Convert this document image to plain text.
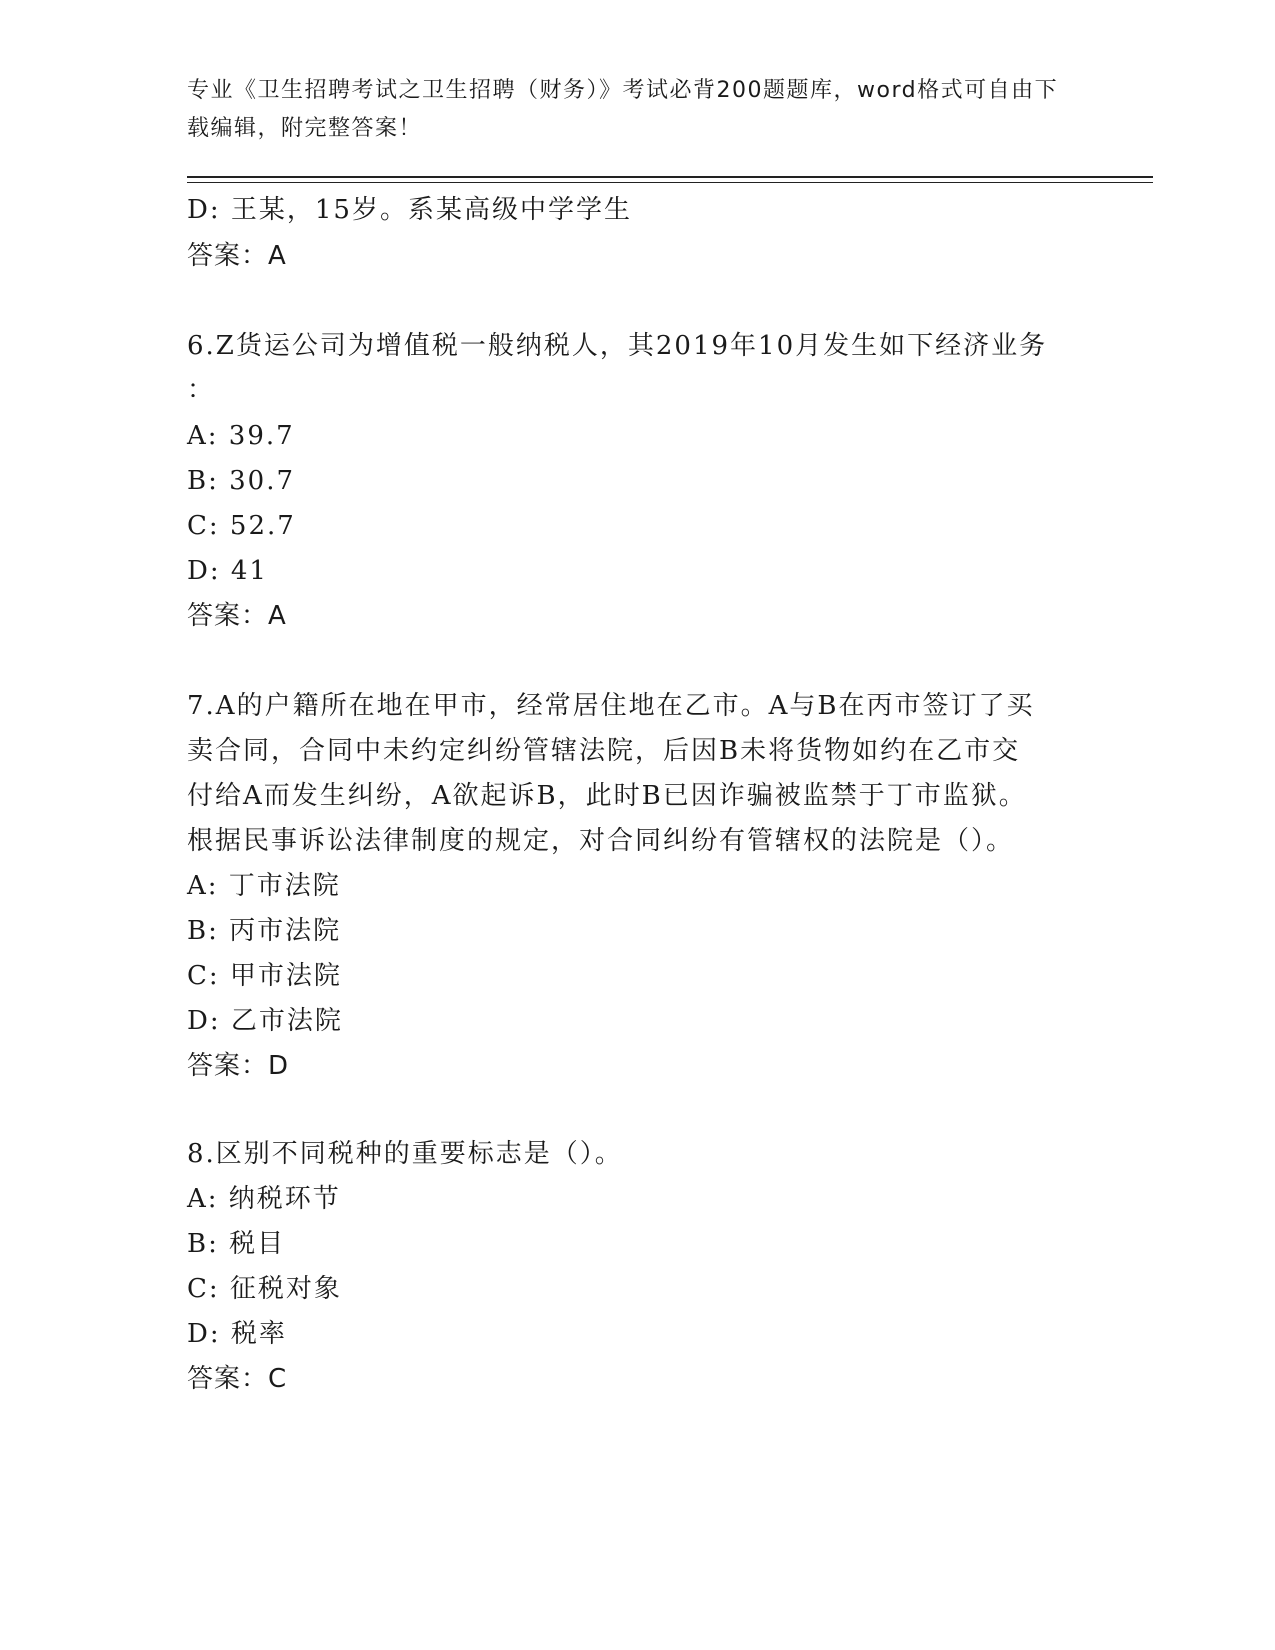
专业《卫生招聘考试之卫生招聘（财务）》考试必背200题题库，word格式可自由下载编辑，附完整答案！
D: 王某，15岁。系某高级中学学生
答案：A
6.Z货运公司为增值税一般纳税人，其2019年10月发生如下经济业务
：
A: 39.7
B: 30.7
C: 52.7
D: 41
答案：A
7.A的户籍所在地在甲市，经常居住地在乙市。A与B在丙市签订了买
卖合同，合同中未约定纠纷管辖法院，后因B未将货物如约在乙市交
付给A而发生纠纷，A欲起诉B，此时B已因诈骗被监禁于丁市监狱。
根据民事诉讼法律制度的规定，对合同纠纷有管辖权的法院是（）。
A: 丁市法院
B: 丙市法院
C: 甲市法院
D: 乙市法院
答案：D
8.区别不同税种的重要标志是（）。
A: 纳税环节
B: 税目
C: 征税对象
D: 税率
答案：C
